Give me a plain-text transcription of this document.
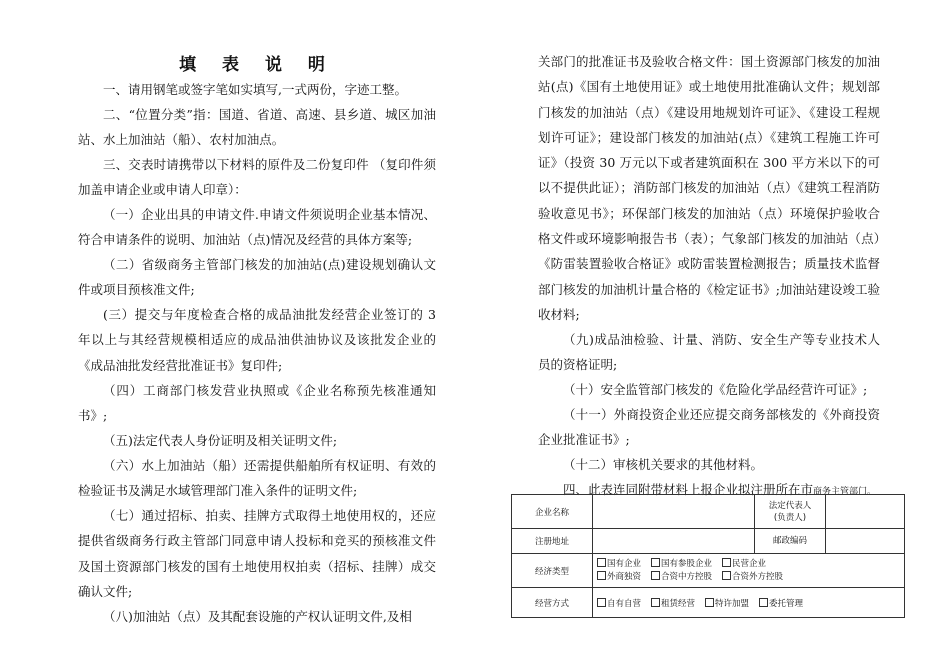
填 表 说 明

一、请用钢笔或签字笔如实填写,一式两份，字迹工整。

二、“位置分类”指：国道、省道、高速、县乡道、城区加油站、水上加油站（船）、农村加油点。

三、交表时请携带以下材料的原件及二份复印件 （复印件须加盖申请企业或申请人印章）：

（一）企业出具的申请文件.申请文件须说明企业基本情况、符合申请条件的说明、加油站（点)情况及经营的具体方案等;

（二）省级商务主管部门核发的加油站(点)建设规划确认文件或项目预核准文件;

(三）提交与年度检查合格的成品油批发经营企业签订的 3 年以上与其经营规模相适应的成品油供油协议及该批发企业的《成品油批发经营批准证书》复印件;

（四）工商部门核发营业执照或《企业名称预先核准通知书》;

（五)法定代表人身份证明及相关证明文件;

（六）水上加油站（船）还需提供船舶所有权证明、有效的检验证书及满足水域管理部门准入条件的证明文件;

（七）通过招标、拍卖、挂牌方式取得土地使用权的，还应提供省级商务行政主管部门同意申请人投标和竞买的预核准文件及国土资源部门核发的国有土地使用权拍卖（招标、挂牌）成交确认文件;

（八)加油站（点）及其配套设施的产权认证明文件,及相

关部门的批准证书及验收合格文件：国土资源部门核发的加油站(点)《国有土地使用证》或土地使用批准确认文件；规划部门核发的加油站（点）《建设用地规划许可证》、《建设工程规划许可证》；建设部门核发的加油站(点）《建筑工程施工许可证》（投资 30 万元以下或者建筑面积在 300 平方米以下的可以不提供此证）；消防部门核发的加油站（点）《建筑工程消防验收意见书》；环保部门核发的加油站（点）环境保护验收合格文件或环境影响报告书（表）；气象部门核发的加油站（点）《防雷装置验收合格证》或防雷装置检测报告；质量技术监督部门核发的加油机计量合格的《检定证书》;加油站建设竣工验收材料;

（九)成品油检验、计量、消防、安全生产等专业技术人员的资格证明;

（十）安全监管部门核发的《危险化学品经营许可证》;

（十一）外商投资企业还应提交商务部核发的《外商投资企业批准证书》;

（十二）审核机关要求的其他材料。

四、此表连同附带材料上报企业拟注册所在市商务主管部门。

企业名称		法定代表人
(负责人)	
注册地址		邮政编码	
经济类型	国有企业 国有参股企业 民营企业
外商独资 合资中方控股 合资外方控股		
经营方式	自有自营 租赁经营 特许加盟 委托管理		
